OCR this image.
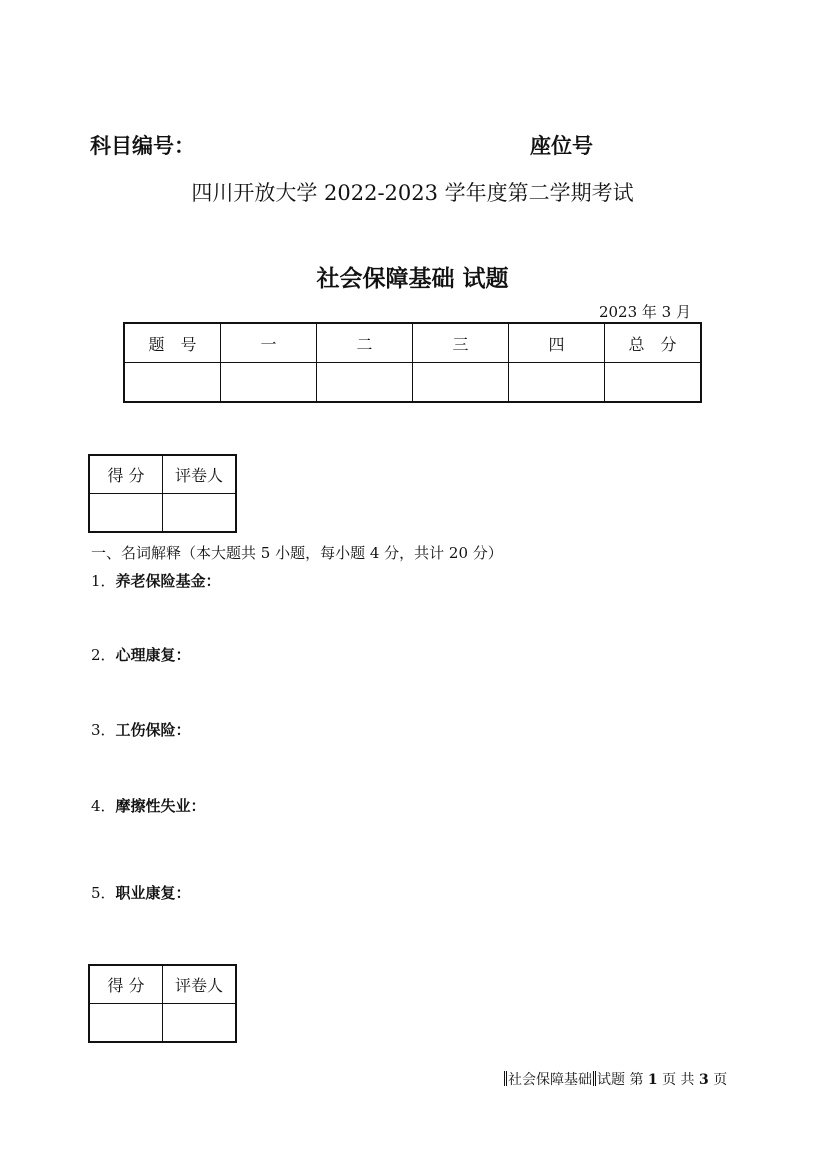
科目编号：	座位号
四川开放大学 2022-2023 学年度第二学期考试
社会保障基础 试题
2023 年 3 月
题　号	一	二	三	四	总　分

得 分	评卷人

一、名词解释（本大题共 5 小题，每小题 4 分，共计 20 分）
1．养老保险基金：
2．心理康复：
3．工伤保险：
4．摩擦性失业：
5．职业康复：
得 分	评卷人

社会保障基础 试题 第 1 页 共 3 页
